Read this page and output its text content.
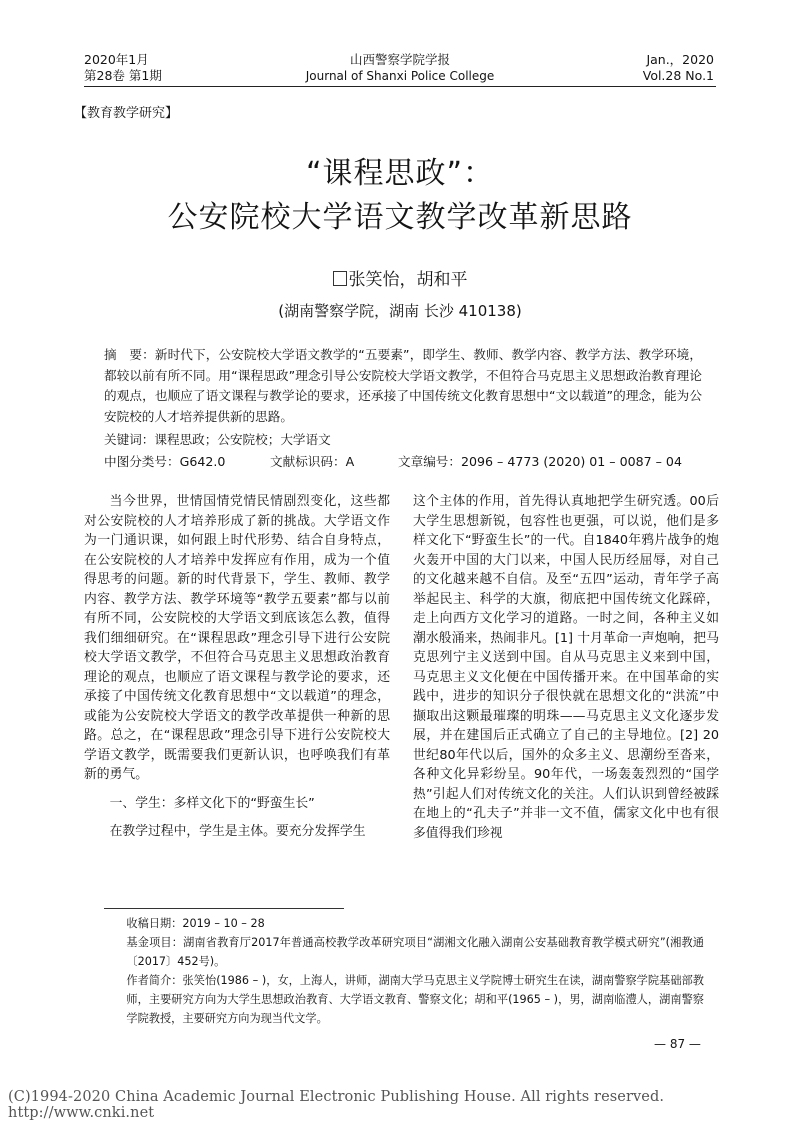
2020年1月
第28卷 第1期
山西警察学院学报
Journal of Shanxi Police College
Jan.，2020
Vol.28 No.1
【教育教学研究】
“课程思政”：
公安院校大学语文教学改革新思路
张笑怡，胡和平
(湖南警察学院，湖南 长沙 410138)
摘　要：新时代下，公安院校大学语文教学的“五要素”，即学生、教师、教学内容、教学方法、教学环境，都较以前有所不同。用“课程思政”理念引导公安院校大学语文教学，不但符合马克思主义思想政治教育理论的观点，也顺应了语文课程与教学论的要求，还承接了中国传统文化教育思想中“文以载道”的理念，能为公安院校的人才培养提供新的思路。
关键词：课程思政；公安院校；大学语文
中图分类号：G642.0	文献标识码：A	文章编号：2096 – 4773 (2020) 01 – 0087 – 04

当今世界，世情国情党情民情剧烈变化，这些都对公安院校的人才培养形成了新的挑战。大学语文作为一门通识课，如何跟上时代形势、结合自身特点，在公安院校的人才培养中发挥应有作用，成为一个值得思考的问题。新的时代背景下，学生、教师、教学内容、教学方法、教学环境等“教学五要素”都与以前有所不同，公安院校的大学语文到底该怎么教，值得我们细细研究。在“课程思政”理念引导下进行公安院校大学语文教学，不但符合马克思主义思想政治教育理论的观点，也顺应了语文课程与教学论的要求，还承接了中国传统文化教育思想中“文以载道”的理念，或能为公安院校大学语文的教学改革提供一种新的思路。总之，在“课程思政”理念引导下进行公安院校大学语文教学，既需要我们更新认识，也呼唤我们有革新的勇气。

一、学生：多样文化下的“野蛮生长”

在教学过程中，学生是主体。要充分发挥学生

这个主体的作用，首先得认真地把学生研究透。00后大学生思想新锐，包容性也更强，可以说，他们是多样文化下“野蛮生长”的一代。自1840年鸦片战争的炮火轰开中国的大门以来，中国人民历经屈辱，对自己的文化越来越不自信。及至“五四”运动，青年学子高举起民主、科学的大旗，彻底把中国传统文化踩碎，走上向西方文化学习的道路。一时之间，各种主义如潮水般涌来，热闹非凡。[1] 十月革命一声炮响，把马克思列宁主义送到中国。自从马克思主义来到中国，马克思主义文化便在中国传播开来。在中国革命的实践中，进步的知识分子很快就在思想文化的“洪流”中撷取出这颗最璀璨的明珠——马克思主义文化逐步发展，并在建国后正式确立了自己的主导地位。[2] 20世纪80年代以后，国外的众多主义、思潮纷至沓来，各种文化异彩纷呈。90年代，一场轰轰烈烈的“国学热”引起人们对传统文化的关注。人们认识到曾经被踩在地上的“孔夫子”并非一文不值，儒家文化中也有很多值得我们珍视

收稿日期：2019 – 10 – 28

基金项目：湖南省教育厅2017年普通高校教学改革研究项目“湖湘文化融入湖南公安基础教育教学模式研究”(湘教通〔2017〕452号)。

作者简介：张笑怡(1986 – )，女，上海人，讲师，湖南大学马克思主义学院博士研究生在读，湖南警察学院基础部教师，主要研究方向为大学生思想政治教育、大学语文教育、警察文化；胡和平(1965 – )，男，湖南临澧人，湖南警察学院教授，主要研究方向为现当代文学。

— 87 —
(C)1994-2020 China Academic Journal Electronic Publishing House. All rights reserved. http://www.cnki.net
